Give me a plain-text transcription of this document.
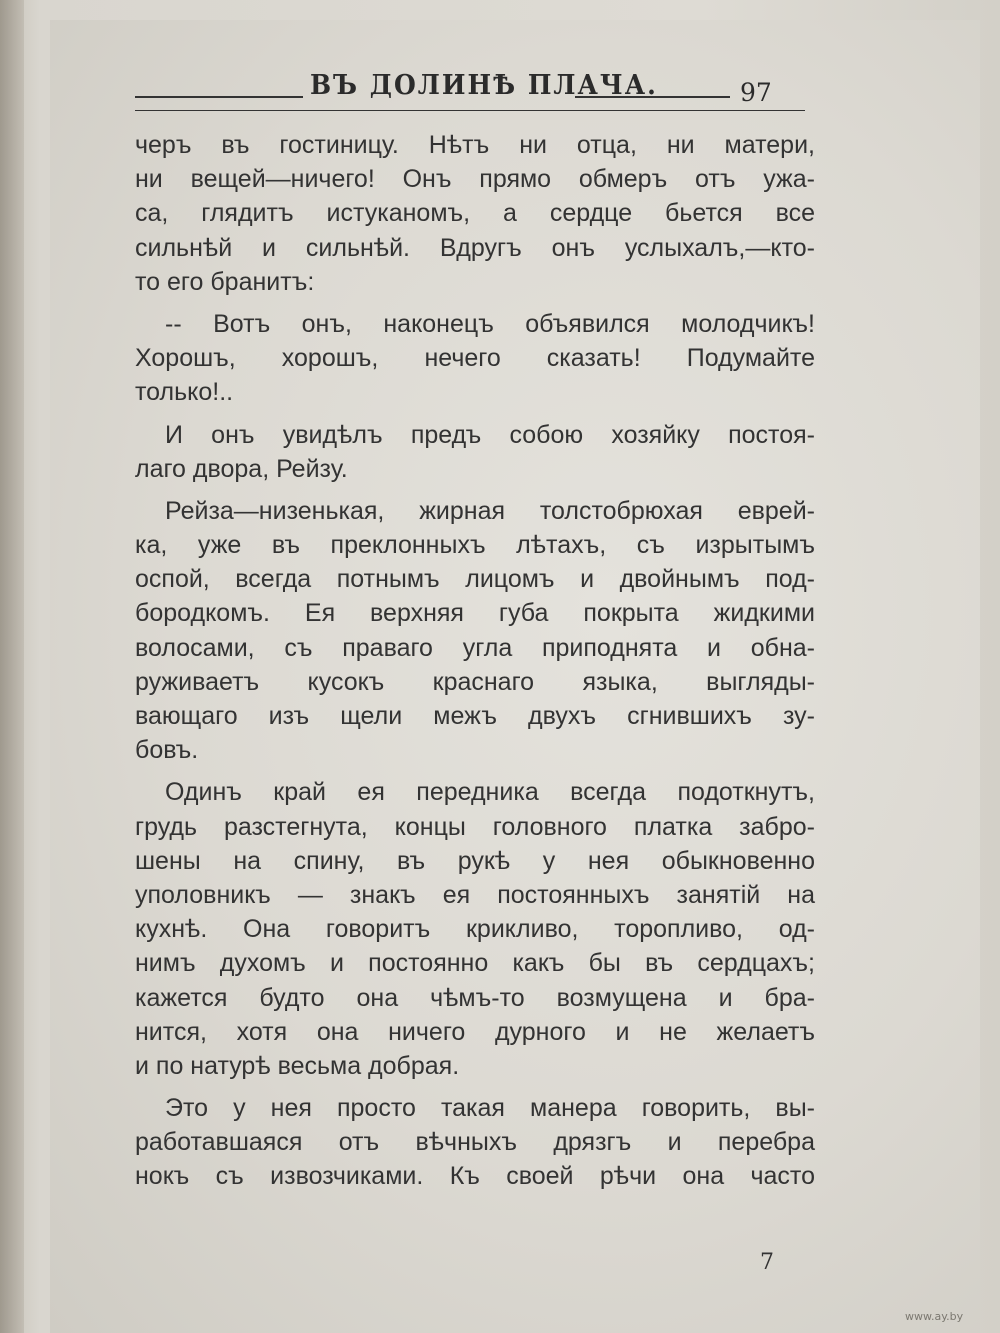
ВЪ ДОЛИНѢ ПЛАЧА.	97
черъ въ гостиницу. Нѣтъ ни отца, ни матери,
ни вещей—ничего! Онъ прямо обмеръ отъ ужа-
са, глядитъ истуканомъ, а сердце бьется все
сильнѣй и сильнѣй. Вдругъ онъ услыхалъ,—кто-
то его бранитъ:
-- Вотъ онъ, наконецъ объявился молодчикъ!
Хорошъ, хорошъ, нечего сказать! Подумайте
только!..
И онъ увидѣлъ предъ собою хозяйку постоя-
лаго двора, Рейзу.
Рейза—низенькая, жирная толстобрюхая еврей-
ка, уже въ преклонныхъ лѣтахъ, съ изрытымъ
оспой, всегда потнымъ лицомъ и двойнымъ под-
бородкомъ. Ея верхняя губа покрыта жидкими
волосами, съ праваго угла приподнята и обна-
руживаетъ кусокъ краснаго языка, выгляды-
вающаго изъ щели межъ двухъ сгнившихъ зу-
бовъ.
Одинъ край ея передника всегда подоткнутъ,
грудь разстегнута, концы головного платка забро-
шены на спину, въ рукѣ у нея обыкновенно
уполовникъ — знакъ ея постоянныхъ занятій на
кухнѣ. Она говоритъ крикливо, торопливо, од-
нимъ духомъ и постоянно какъ бы въ сердцахъ;
кажется будто она чѣмъ-то возмущена и бра-
нится, хотя она ничего дурного и не желаетъ
и по натурѣ весьма добрая.
Это у нея просто такая манера говорить, вы-
работавшаяся отъ вѣчныхъ дрязгъ и перебра
нокъ съ извозчиками. Къ своей рѣчи она часто
7
www.ay.by
